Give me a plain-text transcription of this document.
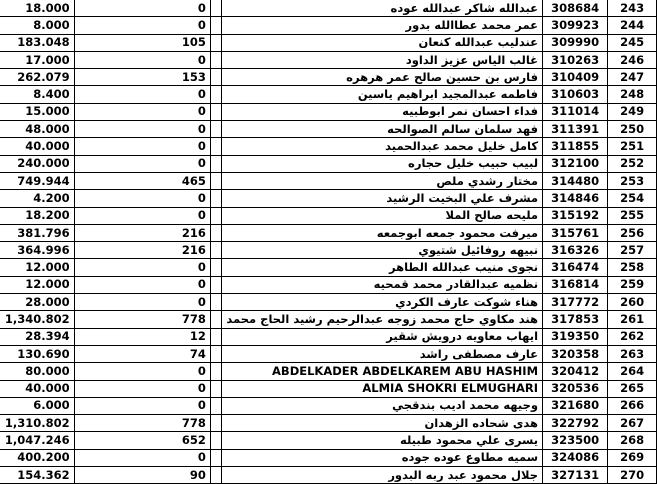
18.000	0		عبدالله شاكر عبدالله عوده	308684	243
8.000	0		عمر محمد عطاالله بدور	309923	244
183.048	105		عندليب عبدالله كنعان	309990	245
17.000	0		غالب الياس عزيز الداود	310263	246
262.079	153		فارس بن حسين صالح عمر هرهره	310409	247
8.400	0		فاطمه عبدالمجيد ابراهيم ياسين	310603	248
15.000	0		فداء احسان نمر ابوطبيه	311014	249
48.000	0		فهد سلمان سالم الصوالحه	311391	250
40.000	0		كامل خليل محمد عبدالحميد	311855	251
240.000	0		لبيب حبيب خليل حجاره	312100	252
749.944	465		مختار رشدي ملص	314480	253
4.200	0		مشرف علي البخيت الرشيد	314846	254
18.200	0		مليحه صالح الملا	315192	255
381.796	216		ميرفت محمود جمعه ابوجمعه	315761	256
364.996	216		نبيهه روفائيل شتيوي	316326	257
12.000	0		نجوى منيب عبدالله الطاهر	316474	258
12.000	0		نظميه عبدالقادر محمد قمحيه	316814	259
28.000	0		هناء شوكت عارف الكردي	317772	260
1,340.802	778		هند مكاوي حاج محمد زوجه عبدالرحيم رشيد الحاج محمد	317853	261
28.394	12		ايهاب معاويه درويش شقير	319350	262
130.690	74		عارف مصطفى راشد	320358	263
80.000	0		ABDELKADER ABDELKAREM ABU HASHIM	320412	264
40.000	0		ALMIA SHOKRI ELMUGHARI	320536	265
6.000	0		وجيهه محمد اديب بندقجي	321680	266
1,310.802	778		هدى شحاده الزهدان	322792	267
1,047.246	652		يسرى علي محمود طبيله	323500	268
400.200	0		سميه مطاوع عوده جوده	324086	269
154.362	90		جلال محمود عبد ربه البدور	327131	270
